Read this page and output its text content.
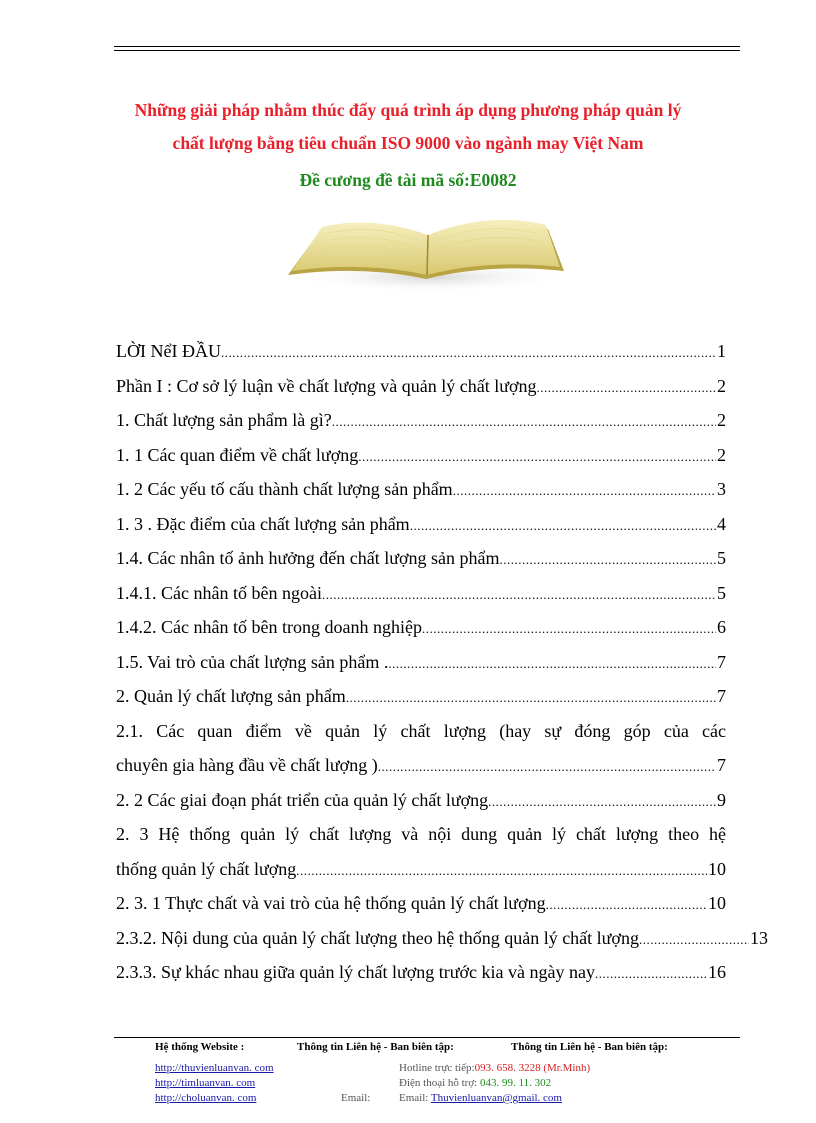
Những giải pháp nhằm thúc đẩy quá trình áp dụng phương pháp quản lý
chất lượng bằng tiêu chuẩn ISO 9000 vào ngành may Việt Nam
Đề cương đề tài mã số:E0082
LỜI NểI ĐẦU .....	1
Phần I : Cơ sở lý luận về chất lượng và quản lý chất lượng .....	2
1. Chất lượng sản phẩm là gì? .....	2
1. 1 Các quan điểm về chất lượng .....	2
1. 2 Các yếu tố cấu thành chất lượng sản phẩm .....	3
1. 3 . Đặc điểm của chất lượng sản phẩm .....	4
1.4. Các nhân tố ảnh hưởng đến chất lượng sản phẩm .....	5
1.4.1. Các nhân tố bên ngoài .....	5
1.4.2. Các nhân tố bên trong doanh nghiệp .....	6
1.5. Vai trò của chất lượng sản phẩm . .....	7
2. Quản lý chất lượng sản phẩm .....	7
2.1. Các quan điểm về quản lý chất lượng (hay sự đóng góp của các
chuyên gia hàng đầu về chất lượng ) .....	7
2. 2 Các giai đoạn phát triển của quản lý chất lượng .....	9
2. 3 Hệ thống quản lý chất lượng và nội dung quản lý chất lượng theo hệ
thống quản lý chất lượng .....	10
2. 3. 1 Thực chất và vai trò của hệ thống quản lý chất lượng .....	10
2.3.2. Nội dung của quản lý chất lượng theo hệ thống quản lý chất lượng .....	13
2.3.3. Sự khác nhau giữa quản lý chất lượng trước kia và ngày nay .....	16
Hệ thống Website :	Thông tin Liên hệ - Ban biên tập:	Thông tin Liên hệ - Ban biên tập:
http://thuvienluanvan. com
http://timluanvan. com
http://choluanvan. com	Email:
Hotline trực tiếp:093. 658. 3228 (Mr.Minh)
Điện thoại hỗ trợ: 043. 99. 11. 302
Email: Thuvienluanvan@gmail. com
